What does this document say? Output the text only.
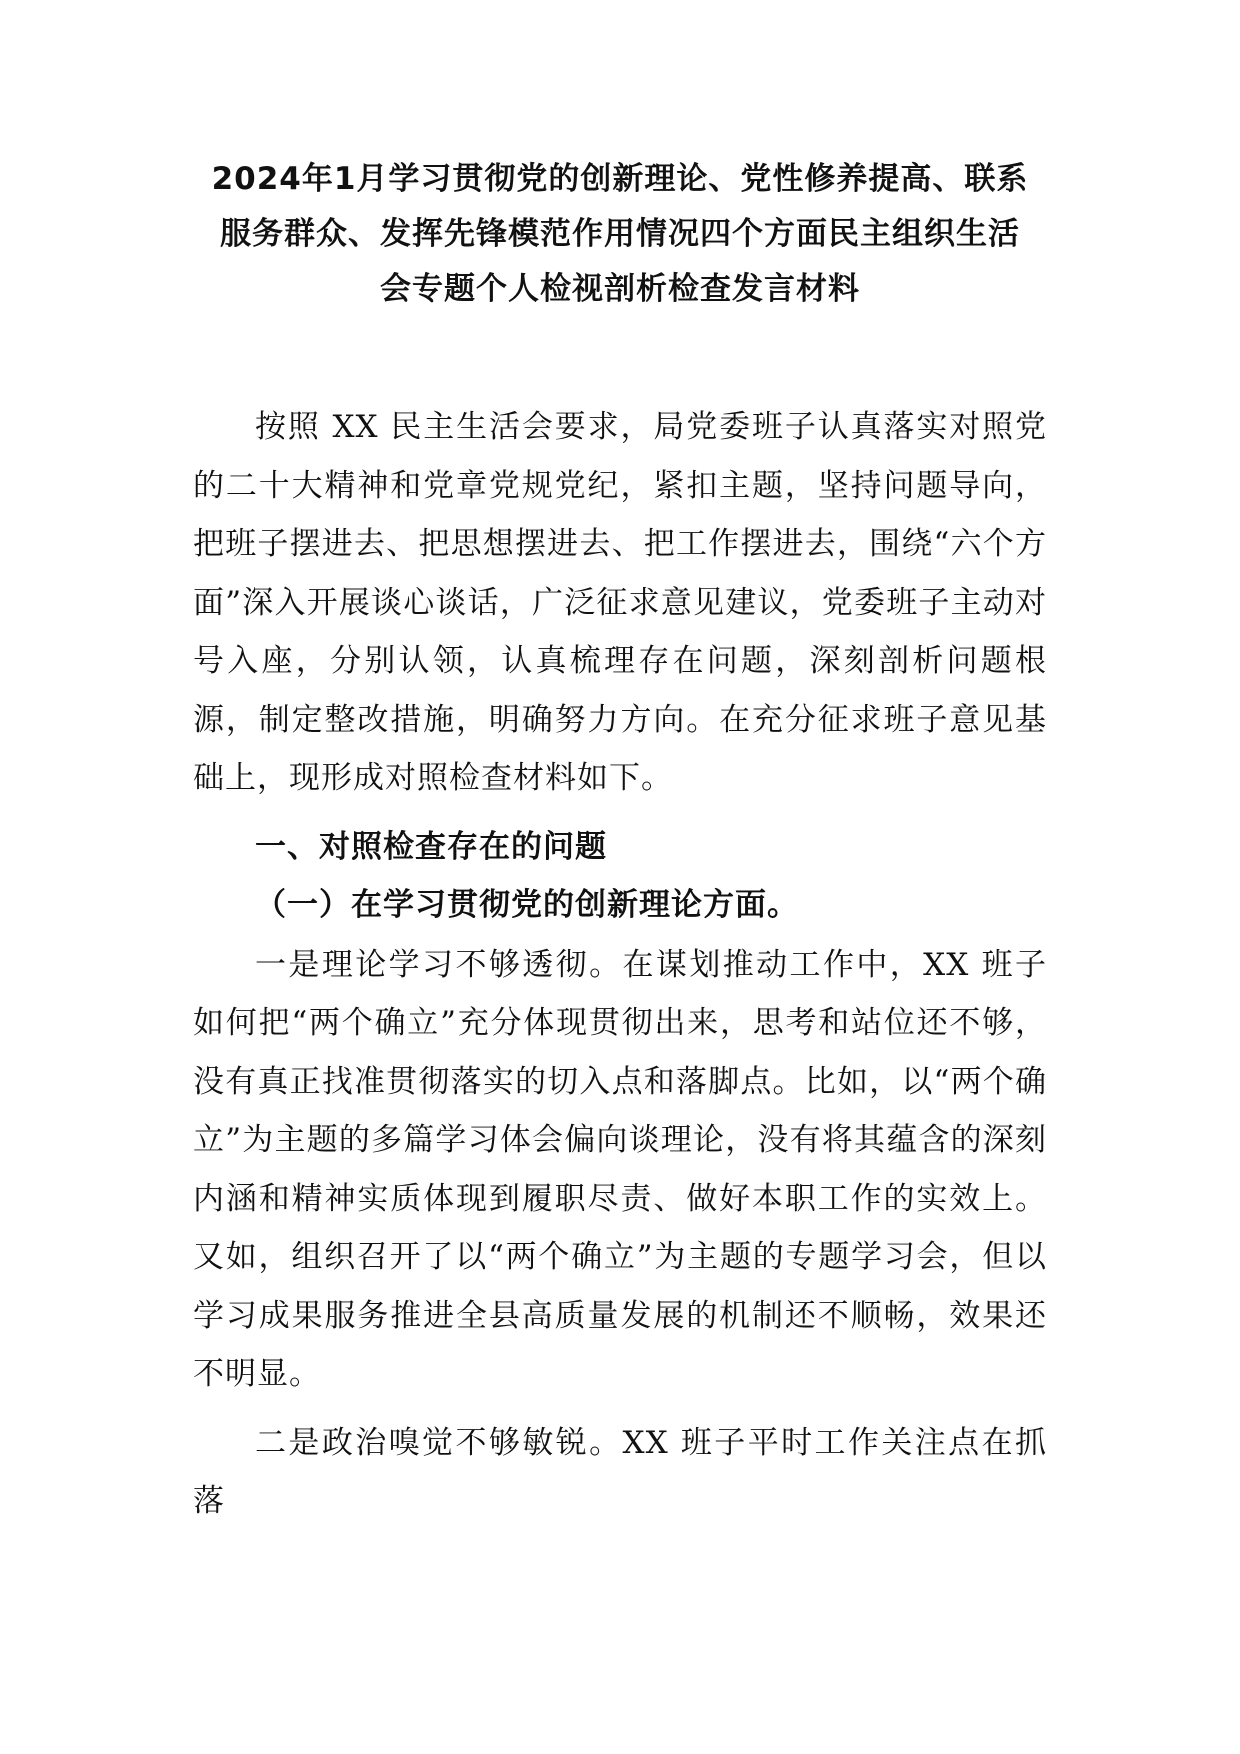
2024年1月学习贯彻党的创新理论、党性修养提高、联系
服务群众、发挥先锋模范作用情况四个方面民主组织生活
会专题个人检视剖析检查发言材料

按照 XX 民主生活会要求，局党委班子认真落实对照党的二十大精神和党章党规党纪，紧扣主题，坚持问题导向，把班子摆进去、把思想摆进去、把工作摆进去，围绕“六个方面”深入开展谈心谈话，广泛征求意见建议，党委班子主动对号入座，分别认领，认真梳理存在问题，深刻剖析问题根源，制定整改措施，明确努力方向。在充分征求班子意见基础上，现形成对照检查材料如下。

一、对照检查存在的问题

（一）在学习贯彻党的创新理论方面。

一是理论学习不够透彻。在谋划推动工作中，XX 班子如何把“两个确立”充分体现贯彻出来，思考和站位还不够，没有真正找准贯彻落实的切入点和落脚点。比如，以“两个确立”为主题的多篇学习体会偏向谈理论，没有将其蕴含的深刻内涵和精神实质体现到履职尽责、做好本职工作的实效上。又如，组织召开了以“两个确立”为主题的专题学习会，但以学习成果服务推进全县高质量发展的机制还不顺畅，效果还不明显。

二是政治嗅觉不够敏锐。XX 班子平时工作关注点在抓落
